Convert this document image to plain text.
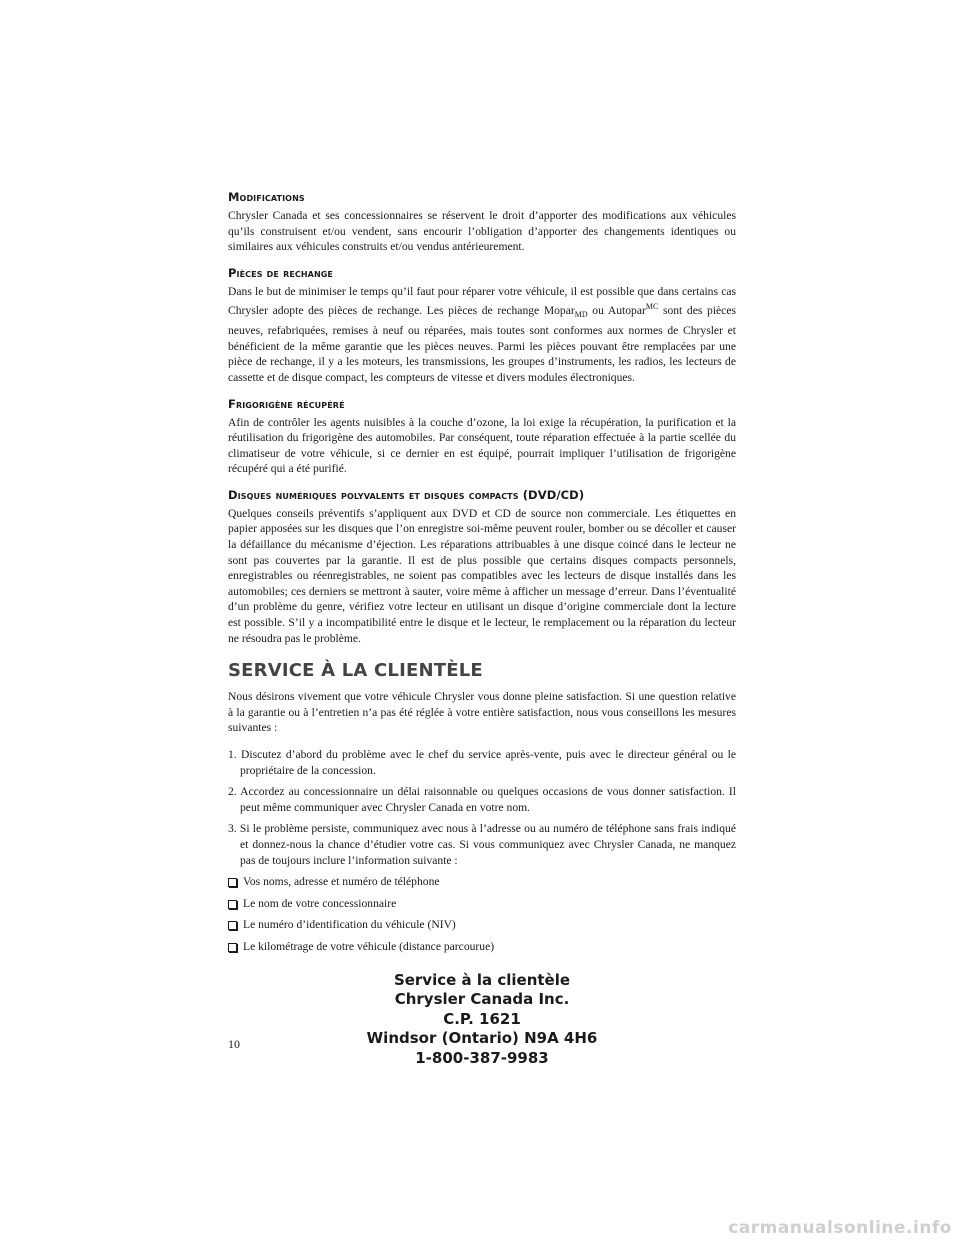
Modifications

Chrysler Canada et ses concessionnaires se réservent le droit d’apporter des modifications aux véhicules qu’ils construisent et/ou vendent, sans encourir l’obligation d’apporter des changements identiques ou similaires aux véhicules construits et/ou vendus antérieurement.

Pièces de rechange

Dans le but de minimiser le temps qu’il faut pour réparer votre véhicule, il est possible que dans certains cas Chrysler adopte des pièces de rechange. Les pièces de rechange Mopar$_{MD}$ ou Autopar$^{MC}$ sont des pièces neuves, refabriquées, remises à neuf ou réparées, mais toutes sont conformes aux normes de Chrysler et bénéficient de la même garantie que les pièces neuves. Parmi les pièces pouvant être remplacées par une pièce de rechange, il y a les moteurs, les transmissions, les groupes d’instruments, les radios, les lecteurs de cassette et de disque compact, les compteurs de vitesse et divers modules électroniques.

Frigorigène récupéré

Afin de contrôler les agents nuisibles à la couche d’ozone, la loi exige la récupération, la purification et la réutilisation du frigorigène des automobiles. Par conséquent, toute réparation effectuée à la partie scellée du climatiseur de votre véhicule, si ce dernier en est équipé, pourrait impliquer l’utilisation de frigorigène récupéré qui a été purifié.

Disques numériques polyvalents et disques compacts (DVD/CD)

Quelques conseils préventifs s’appliquent aux DVD et CD de source non commerciale. Les étiquettes en papier apposées sur les disques que l’on enregistre soi-même peuvent rouler, bomber ou se décoller et causer la défaillance du mécanisme d’éjection. Les réparations attribuables à une disque coincé dans le lecteur ne sont pas couvertes par la garantie. Il est de plus possible que certains disques compacts personnels, enregistrables ou réenregistrables, ne soient pas compatibles avec les lecteurs de disque installés dans les automobiles; ces derniers se mettront à sauter, voire même à afficher un message d’erreur. Dans l’éventualité d’un problème du genre, vérifiez votre lecteur en utilisant un disque d’origine commerciale dont la lecture est possible. S’il y a incompatibilité entre le disque et le lecteur, le remplacement ou la réparation du lecteur ne résoudra pas le problème.

SERVICE À LA CLIENTÈLE

Nous désirons vivement que votre véhicule Chrysler vous donne pleine satisfaction. Si une question relative à la garantie ou à l’entretien n’a pas été réglée à votre entière satisfaction, nous vous conseillons les mesures suivantes :

1. Discutez d’abord du problème avec le chef du service après-vente, puis avec le directeur général ou le propriétaire de la concession.
2. Accordez au concessionnaire un délai raisonnable ou quelques occasions de vous donner satisfaction. Il peut même communiquer avec Chrysler Canada en votre nom.
3. Si le problème persiste, communiquez avec nous à l’adresse ou au numéro de téléphone sans frais indiqué et donnez-nous la chance d’étudier votre cas. Si vous communiquez avec Chrysler Canada, ne manquez pas de toujours inclure l’information suivante :
Vos noms, adresse et numéro de téléphone
Le nom de votre concessionnaire
Le numéro d’identification du véhicule (NIV)
Le kilométrage de votre véhicule (distance parcourue)
Service à la clientèle
Chrysler Canada Inc.
C.P. 1621
Windsor (Ontario) N9A 4H6
1-800-387-9983
10
carmanualsonline.info
